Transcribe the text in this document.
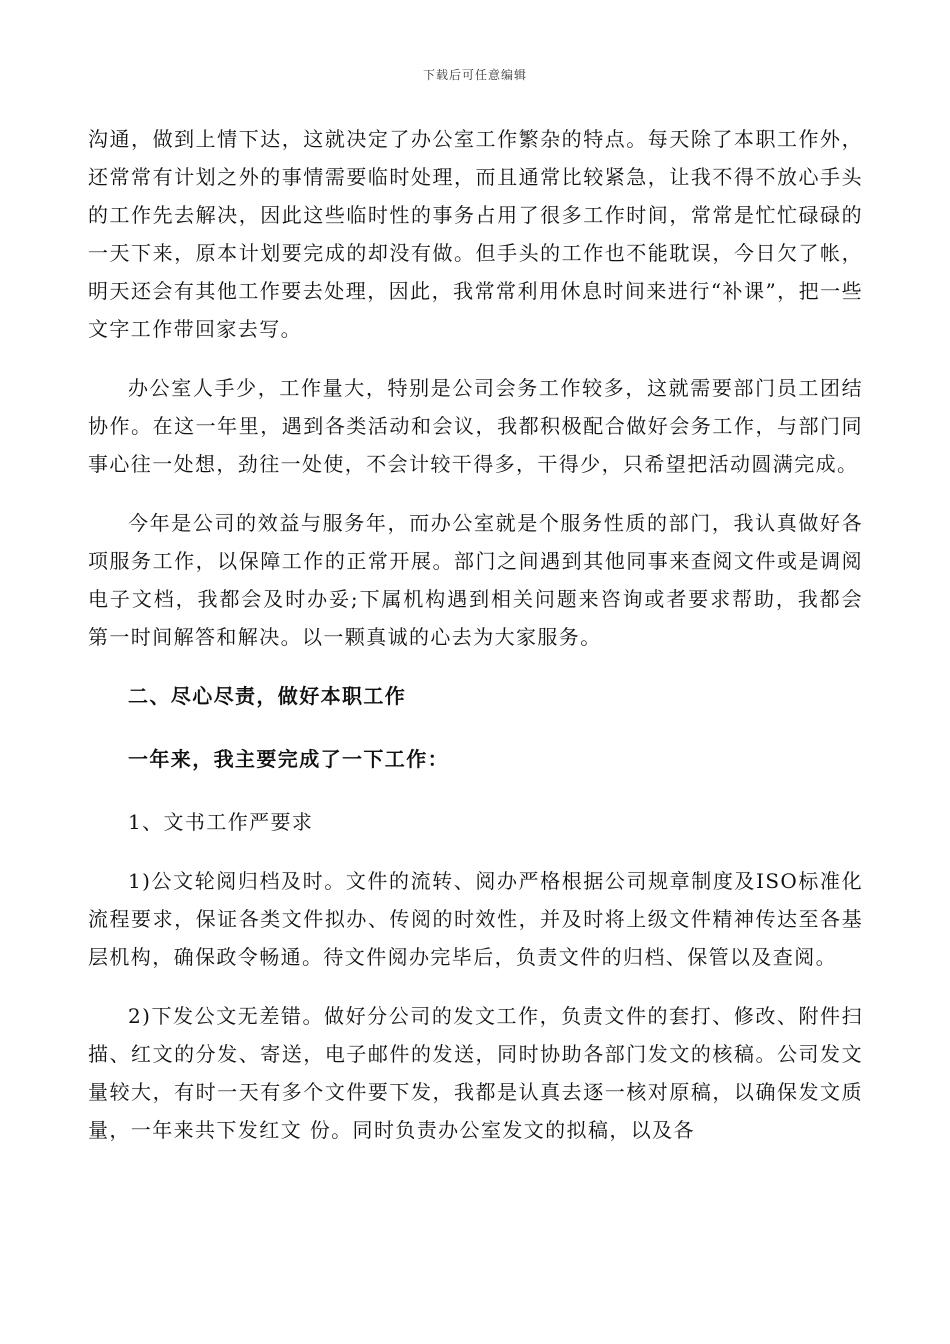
下载后可任意编辑

沟通，做到上情下达，这就决定了办公室工作繁杂的特点。每天除了本职工作外，还常常有计划之外的事情需要临时处理，而且通常比较紧急，让我不得不放心手头的工作先去解决，因此这些临时性的事务占用了很多工作时间，常常是忙忙碌碌的一天下来，原本计划要完成的却没有做。但手头的工作也不能耽误，今日欠了帐，明天还会有其他工作要去处理，因此，我常常利用休息时间来进行“补课”，把一些文字工作带回家去写。

办公室人手少，工作量大，特别是公司会务工作较多，这就需要部门员工团结协作。在这一年里，遇到各类活动和会议，我都积极配合做好会务工作，与部门同事心往一处想，劲往一处使，不会计较干得多，干得少，只希望把活动圆满完成。

今年是公司的效益与服务年，而办公室就是个服务性质的部门，我认真做好各项服务工作，以保障工作的正常开展。部门之间遇到其他同事来查阅文件或是调阅电子文档，我都会及时办妥;下属机构遇到相关问题来咨询或者要求帮助，我都会第一时间解答和解决。以一颗真诚的心去为大家服务。

二、尽心尽责，做好本职工作

一年来，我主要完成了一下工作：

1、文书工作严要求

1)公文轮阅归档及时。文件的流转、阅办严格根据公司规章制度及ISO标准化流程要求，保证各类文件拟办、传阅的时效性，并及时将上级文件精神传达至各基层机构，确保政令畅通。待文件阅办完毕后，负责文件的归档、保管以及查阅。

2)下发公文无差错。做好分公司的发文工作，负责文件的套打、修改、附件扫描、红文的分发、寄送，电子邮件的发送，同时协助各部门发文的核稿。公司发文量较大，有时一天有多个文件要下发，我都是认真去逐一核对原稿，以确保发文质量，一年来共下发红文 份。同时负责办公室发文的拟稿，以及各
